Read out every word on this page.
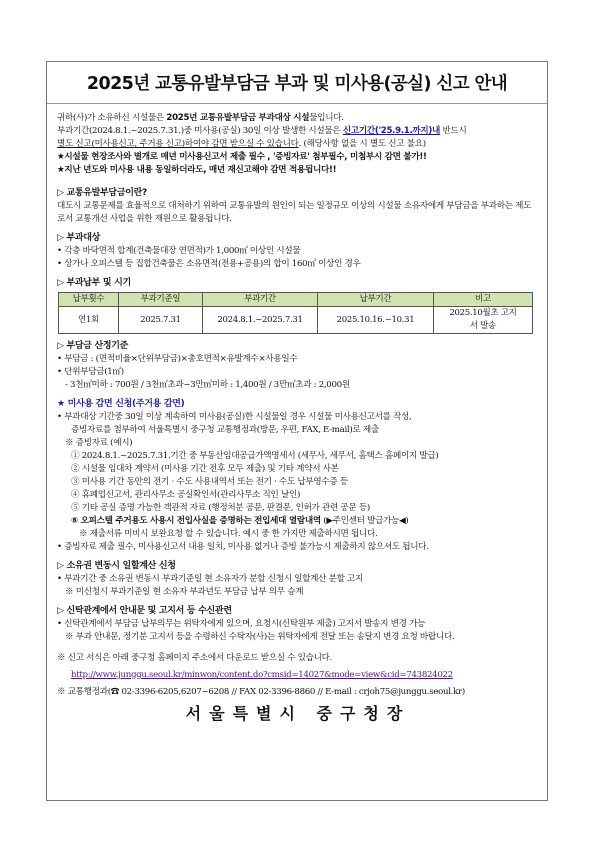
2025년 교통유발부담금 부과 및 미사용(공실) 신고 안내
귀하(사)가 소유하신 시설물은 2025년 교통유발부담금 부과대상 시설물입니다.
부과기간(2024.8.1.~2025.7.31.)중 미사용(공실) 30일 이상 발생한 시설물은 신고기간('25.9.1.까지)내 반드시
별도 신고(미사용신고, 주거용 신고)하여야 감면 받으실 수 있습니다. (해당사항 없을 시 별도 신고 불요)
★시설물 현장조사와 별개로 매년 미사용신고서 제출 필수 , '증빙자료' 첨부필수, 미첨부시 감면 불가!!
★지난 년도와 미사용 내용 동일하더라도, 매년 재신고해야 감면 적용됩니다!!
▷ 교통유발부담금이란?
대도시 교통문제를 효율적으로 대처하기 위하여 교통유발의 원인이 되는 일정규모 이상의 시설물 소유자에게 부담금을 부과하는 제도로서 교통개선 사업을 위한 재원으로 활용됩니다.
▷ 부과대상
• 각층 바닥면적 합계(건축물대장 연면적)가 1,000㎡ 이상인 시설물
• 상가나 오피스텔 등 집합건축물은 소유면적(전용+공용)의 합이 160㎡ 이상인 경우
▷ 부과납부 및 시기
납부횟수	부과기준일	부과기간	납부기간	비고
연1회	2025.7.31	2024.8.1.~2025.7.31	2025.10.16.~10.31	2025.10월초 고지서 발송
▷ 부담금 산정기준
• 부담금 : (면적비율×단위부담금)×총호면적×유발계수×사용일수
• 단위부담금(1㎡)
- 3천㎡미하 : 700원 / 3천㎡초과~3만㎡미하 : 1,400원 / 3만㎡초과 : 2,000원
★ 미사용 감면 신청(주거용 감면)
• 부과대상 기간중 30일 이상 계속하여 미사용(공실)한 시설물일 경우 시설물 미사용신고서를 작성,
증빙자료를 첨부하여 서울특별시 중구청 교통행정과(방문, 우편, FAX, E-mail)로 제출
※ 증빙자료 (예시)
① 2024.8.1.~2025.7.31.기간 중 부동산임대공급가액명세서 (세무사, 세무서, 홈택스 홈페이지 발급)
② 시설물 임대차 계약서 (미사용 기간 전후 모두 제출) 및 기타 계약서 사본
③ 미사용 기간 동안의 전기 · 수도 사용내역서 또는 전기 · 수도 납부영수증 등
④ 휴폐업신고서, 관리사무소 공실확인서(관리사무소 직인 날인)
⑤ 기타 공실 증명 가능한 객관적 자료 (행정처분 공문, 판결문, 인허가 관련 공문 등)
⑥ 오피스텔 주거용도 사용시 전입사실을 증명하는 전입세대 열람내역 (▶주민센터 발급가능◀)
※ 제출서류 미비시 보완요청 할 수 있습니다. 예시 중 한 가지만 제출하시면 됩니다.
• 증빙자료 제출 필수, 미사용신고서 내용 일치, 미사용 없거나 증빙 불가능시 제출하지 않으셔도 됩니다.
▷ 소유권 변동시 일할계산 신청
• 부과기간 중 소유권 변동시 부과기준일 현 소유자가 분할 신청시 일할계산 분할 고지
※ 미신청시 부과기준일 현 소유자 부과년도 부담금 납부 의무 승계
▷ 신탁관계에서 안내문 및 고지서 등 수신관련
• 신탁관계에서 부담금 납부의무는 위탁자에게 있으며, 요청시(신탁원부 제출) 고지서 발송지 변경 가능
※ 부과 안내문, 정기분 고지서 등을 수령하신 수탁자(사)는 위탁자에게 전달 또는 송달지 변경 요청 바랍니다.
※ 신고 서식은 아래 중구청 홈페이지 주소에서 다운로드 받으실 수 있습니다.
http://www.junggu.seoul.kr/minwon/content.do?cmsid=14027&mode=view&cid=743824022
※ 교통행정과(☎ 02-3396-6205,6207~6208 // FAX 02-3396-8860 // E-mail : crjoh75@junggu.seoul.kr)
서울특별시 중구청장
